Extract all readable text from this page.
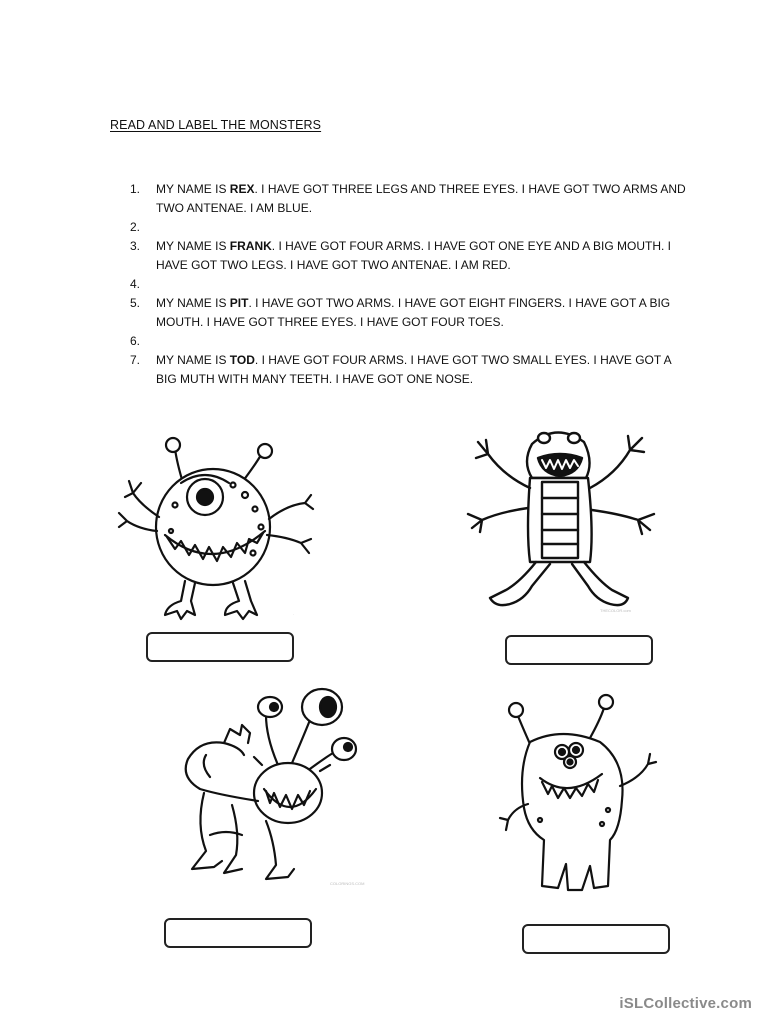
READ AND LABEL THE MONSTERS
1.	MY NAME IS REX. I HAVE GOT THREE LEGS AND THREE EYES. I HAVE GOT TWO ARMS AND TWO ANTENAE. I AM BLUE.
2.
3.	MY NAME IS FRANK. I HAVE GOT FOUR ARMS. I HAVE GOT ONE EYE AND A BIG MOUTH. I HAVE GOT TWO LEGS. I HAVE GOT TWO ANTENAE. I AM RED.
4.
5.	MY NAME IS PIT. I HAVE GOT TWO ARMS. I HAVE GOT EIGHT FINGERS. I HAVE GOT A BIG MOUTH. I HAVE GOT THREE EYES. I HAVE GOT FOUR TOES.
6.
7.	MY NAME IS TOD. I HAVE GOT FOUR ARMS. I HAVE GOT TWO SMALL EYES. I HAVE GOT A BIG MUTH WITH MANY TEETH. I HAVE GOT ONE NOSE.
.
THECOLOR.com
COLORINGS.COM
.
iSLCollective.com
